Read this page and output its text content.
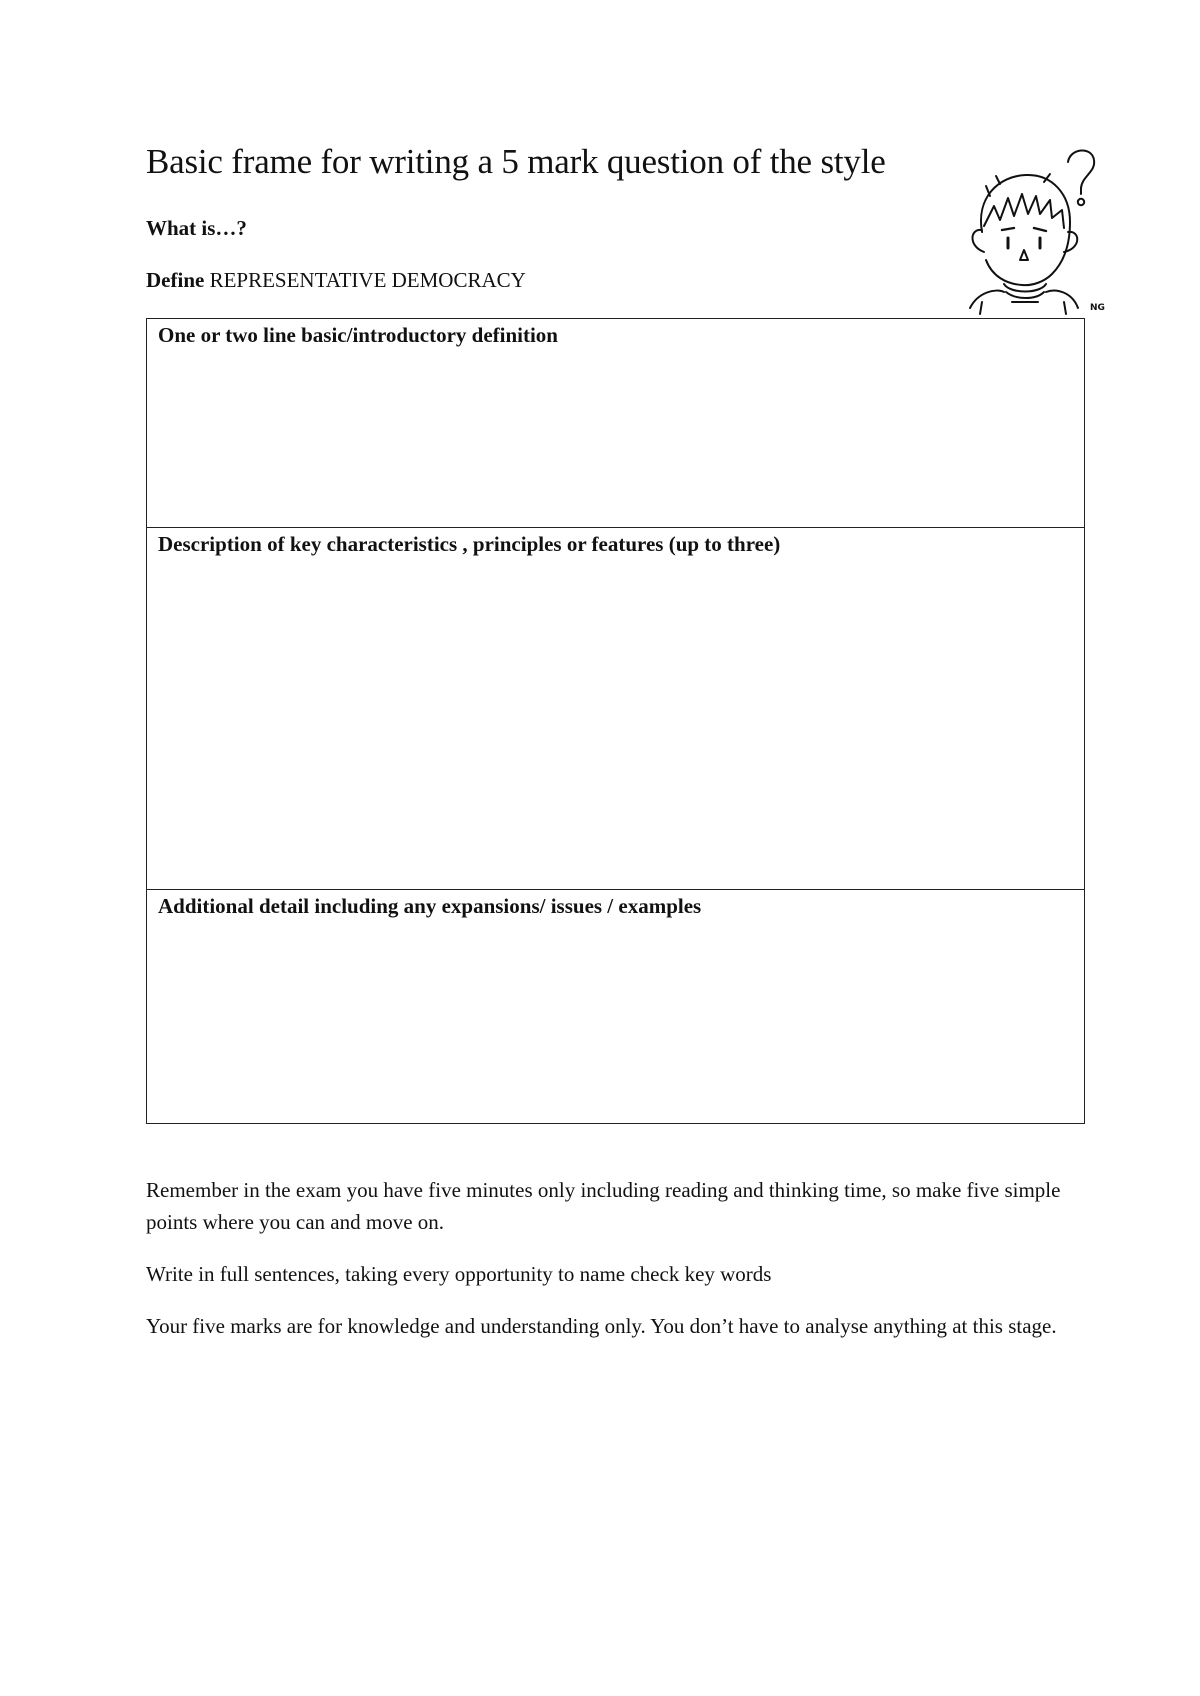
Basic frame for writing a 5 mark question of the style

What is…?

Define REPRESENTATIVE DEMOCRACY

NG

One or two line basic/introductory definition

Description of key characteristics , principles or features (up to three)

Additional detail including any expansions/ issues / examples

Remember in the exam you have five minutes only including reading and thinking time, so make five simple points where you can and move on.

Write in full sentences, taking every opportunity to name check key words

Your five marks are for knowledge and understanding only. You don’t have to analyse anything at this stage.
